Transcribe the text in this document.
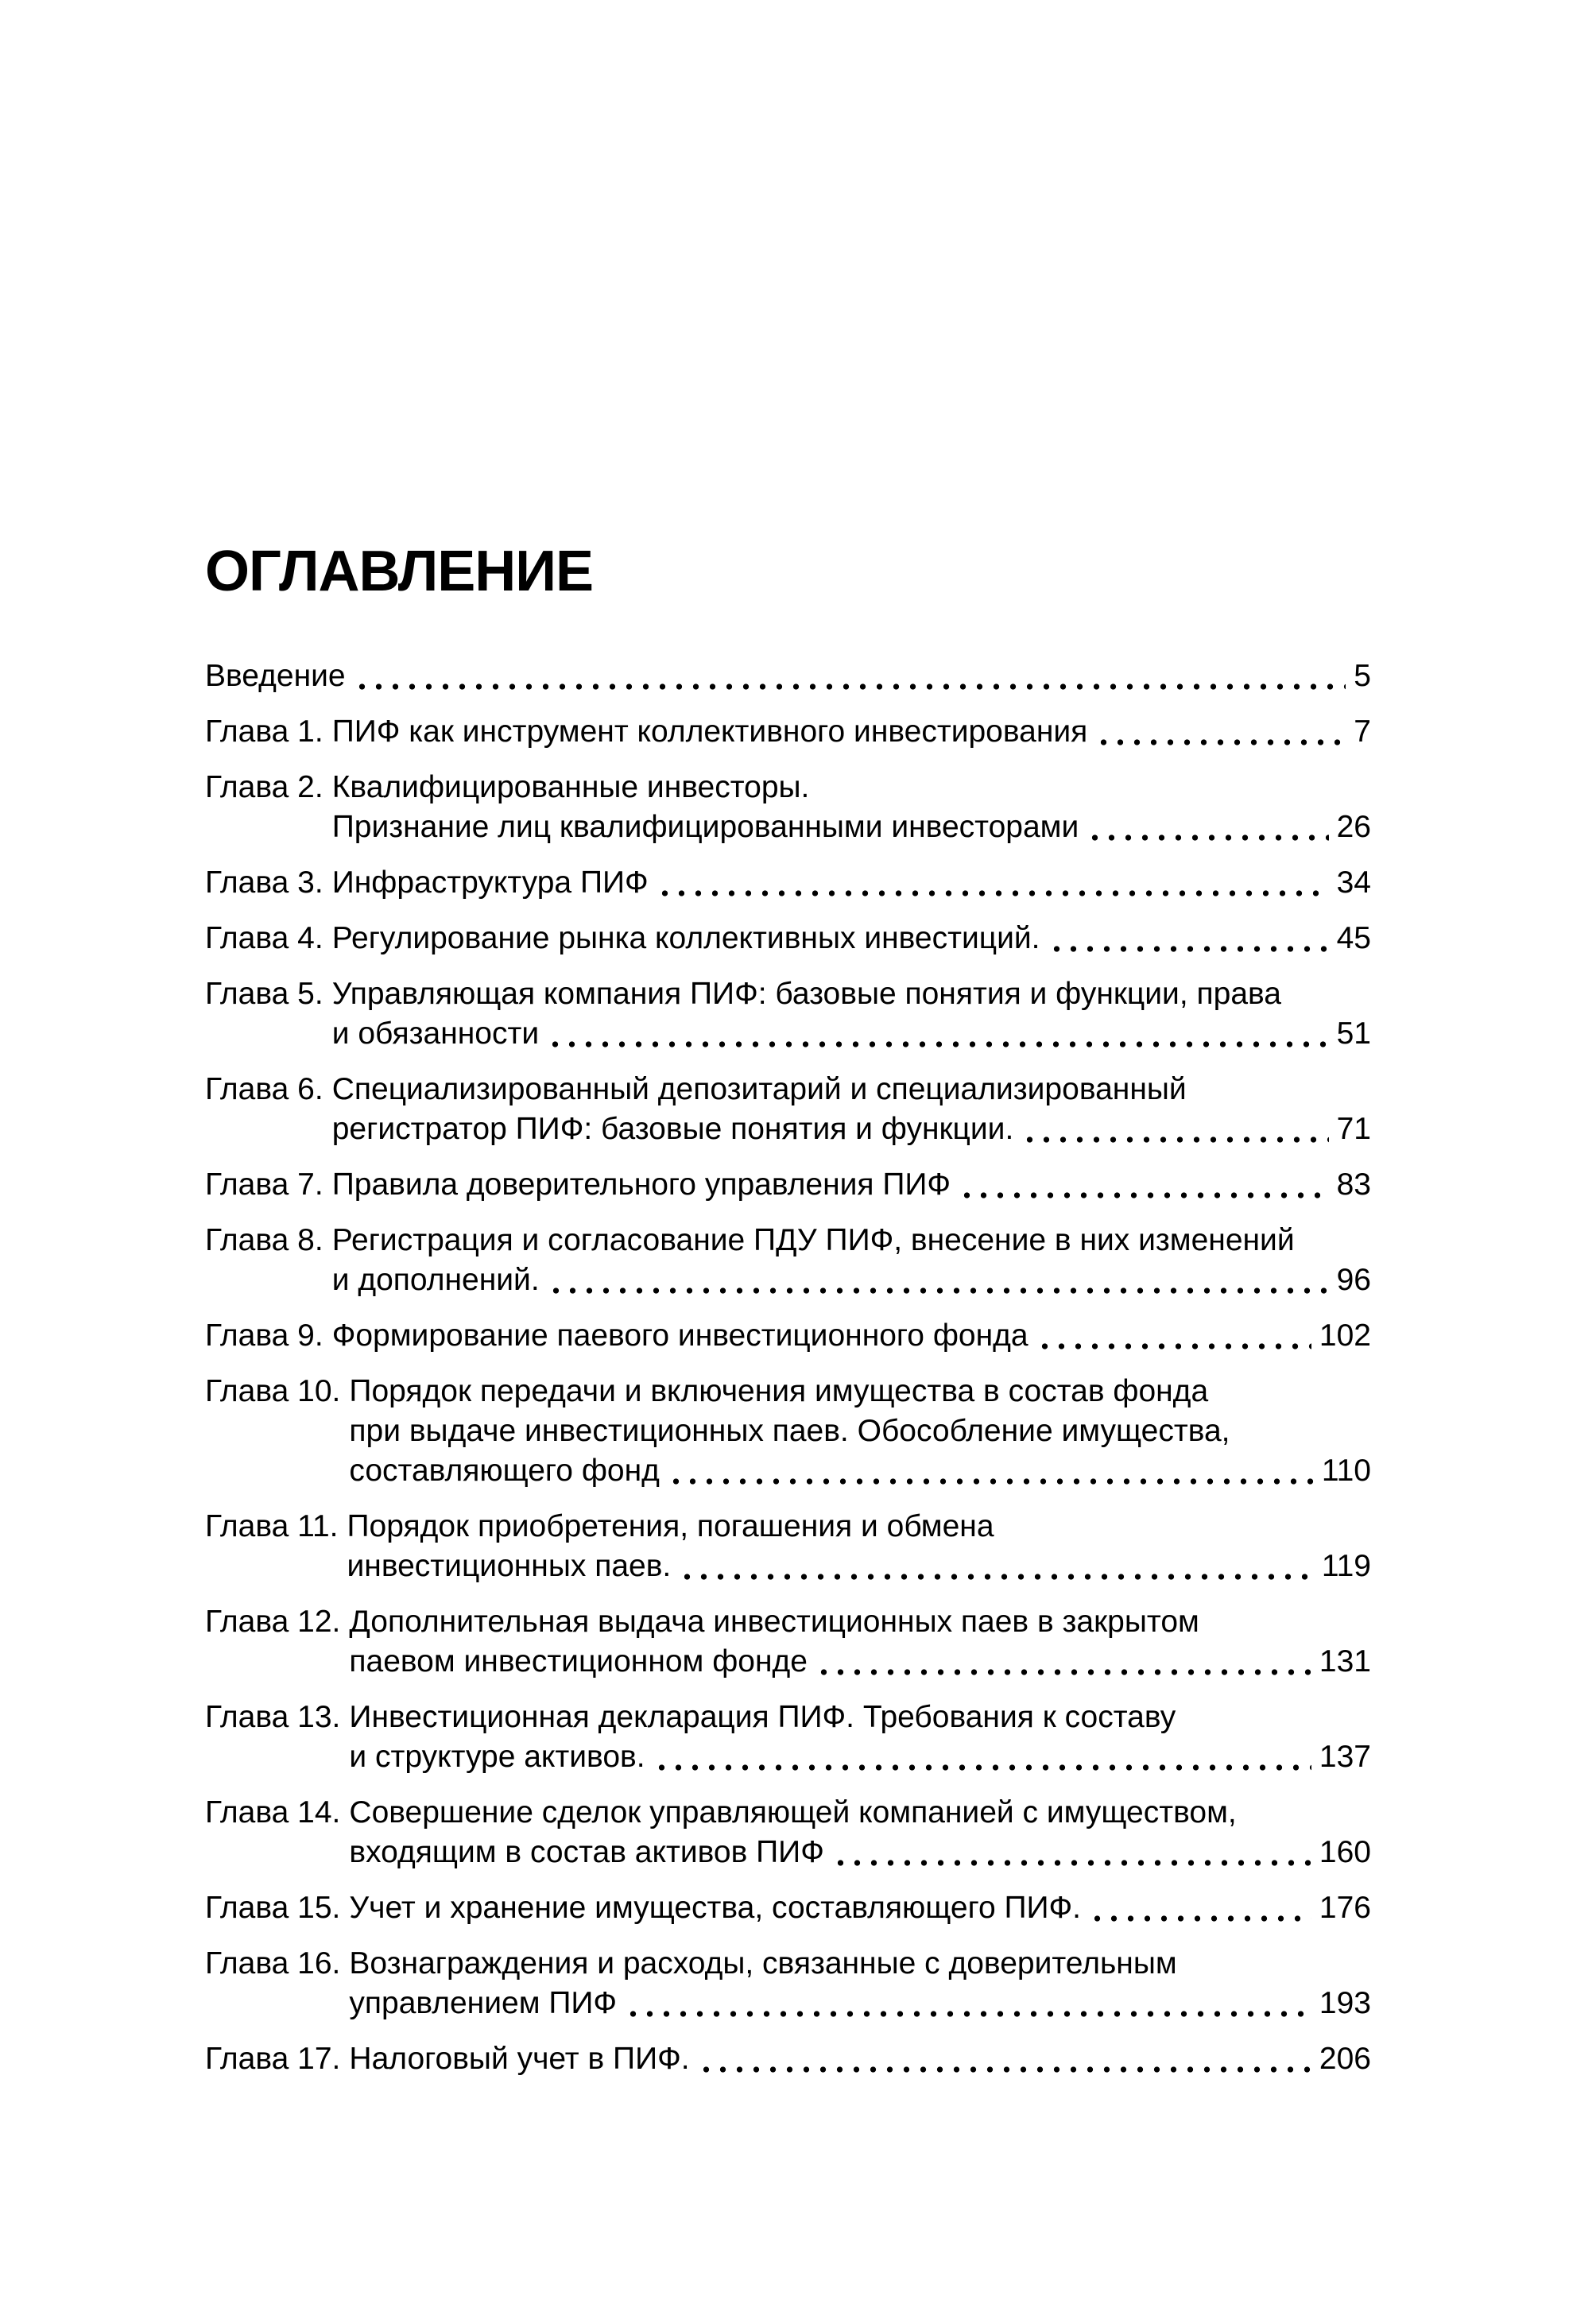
ОГЛАВЛЕНИЕ
Введение	5
Глава 1. ПИФ как инструмент коллективного инвестирования	7
Глава 2. Квалифицированные инвесторы.
Признание лиц квалифицированными инвесторами	26
Глава 3. Инфраструктура ПИФ	34
Глава 4. Регулирование рынка коллективных инвестиций.	45
Глава 5. Управляющая компания ПИФ: базовые понятия и функции, права
и обязанности	51
Глава 6. Специализированный депозитарий и специализированный
регистратор ПИФ: базовые понятия и функции.	71
Глава 7. Правила доверительного управления ПИФ	83
Глава 8. Регистрация и согласование ПДУ ПИФ, внесение в них изменений
и дополнений.	96
Глава 9. Формирование паевого инвестиционного фонда	102
Глава 10. Порядок передачи и включения имущества в состав фонда
при выдаче инвестиционных паев. Обособление имущества,
составляющего фонд	110
Глава 11. Порядок приобретения, погашения и обмена
инвестиционных паев.	119
Глава 12. Дополнительная выдача инвестиционных паев в закрытом
паевом инвестиционном фонде	131
Глава 13. Инвестиционная декларация ПИФ. Требования к составу
и структуре активов.	137
Глава 14. Совершение сделок управляющей компанией с имуществом,
входящим в состав активов ПИФ	160
Глава 15. Учет и хранение имущества, составляющего ПИФ.	176
Глава 16. Вознаграждения и расходы, связанные с доверительным
управлением ПИФ	193
Глава 17. Налоговый учет в ПИФ.	206
